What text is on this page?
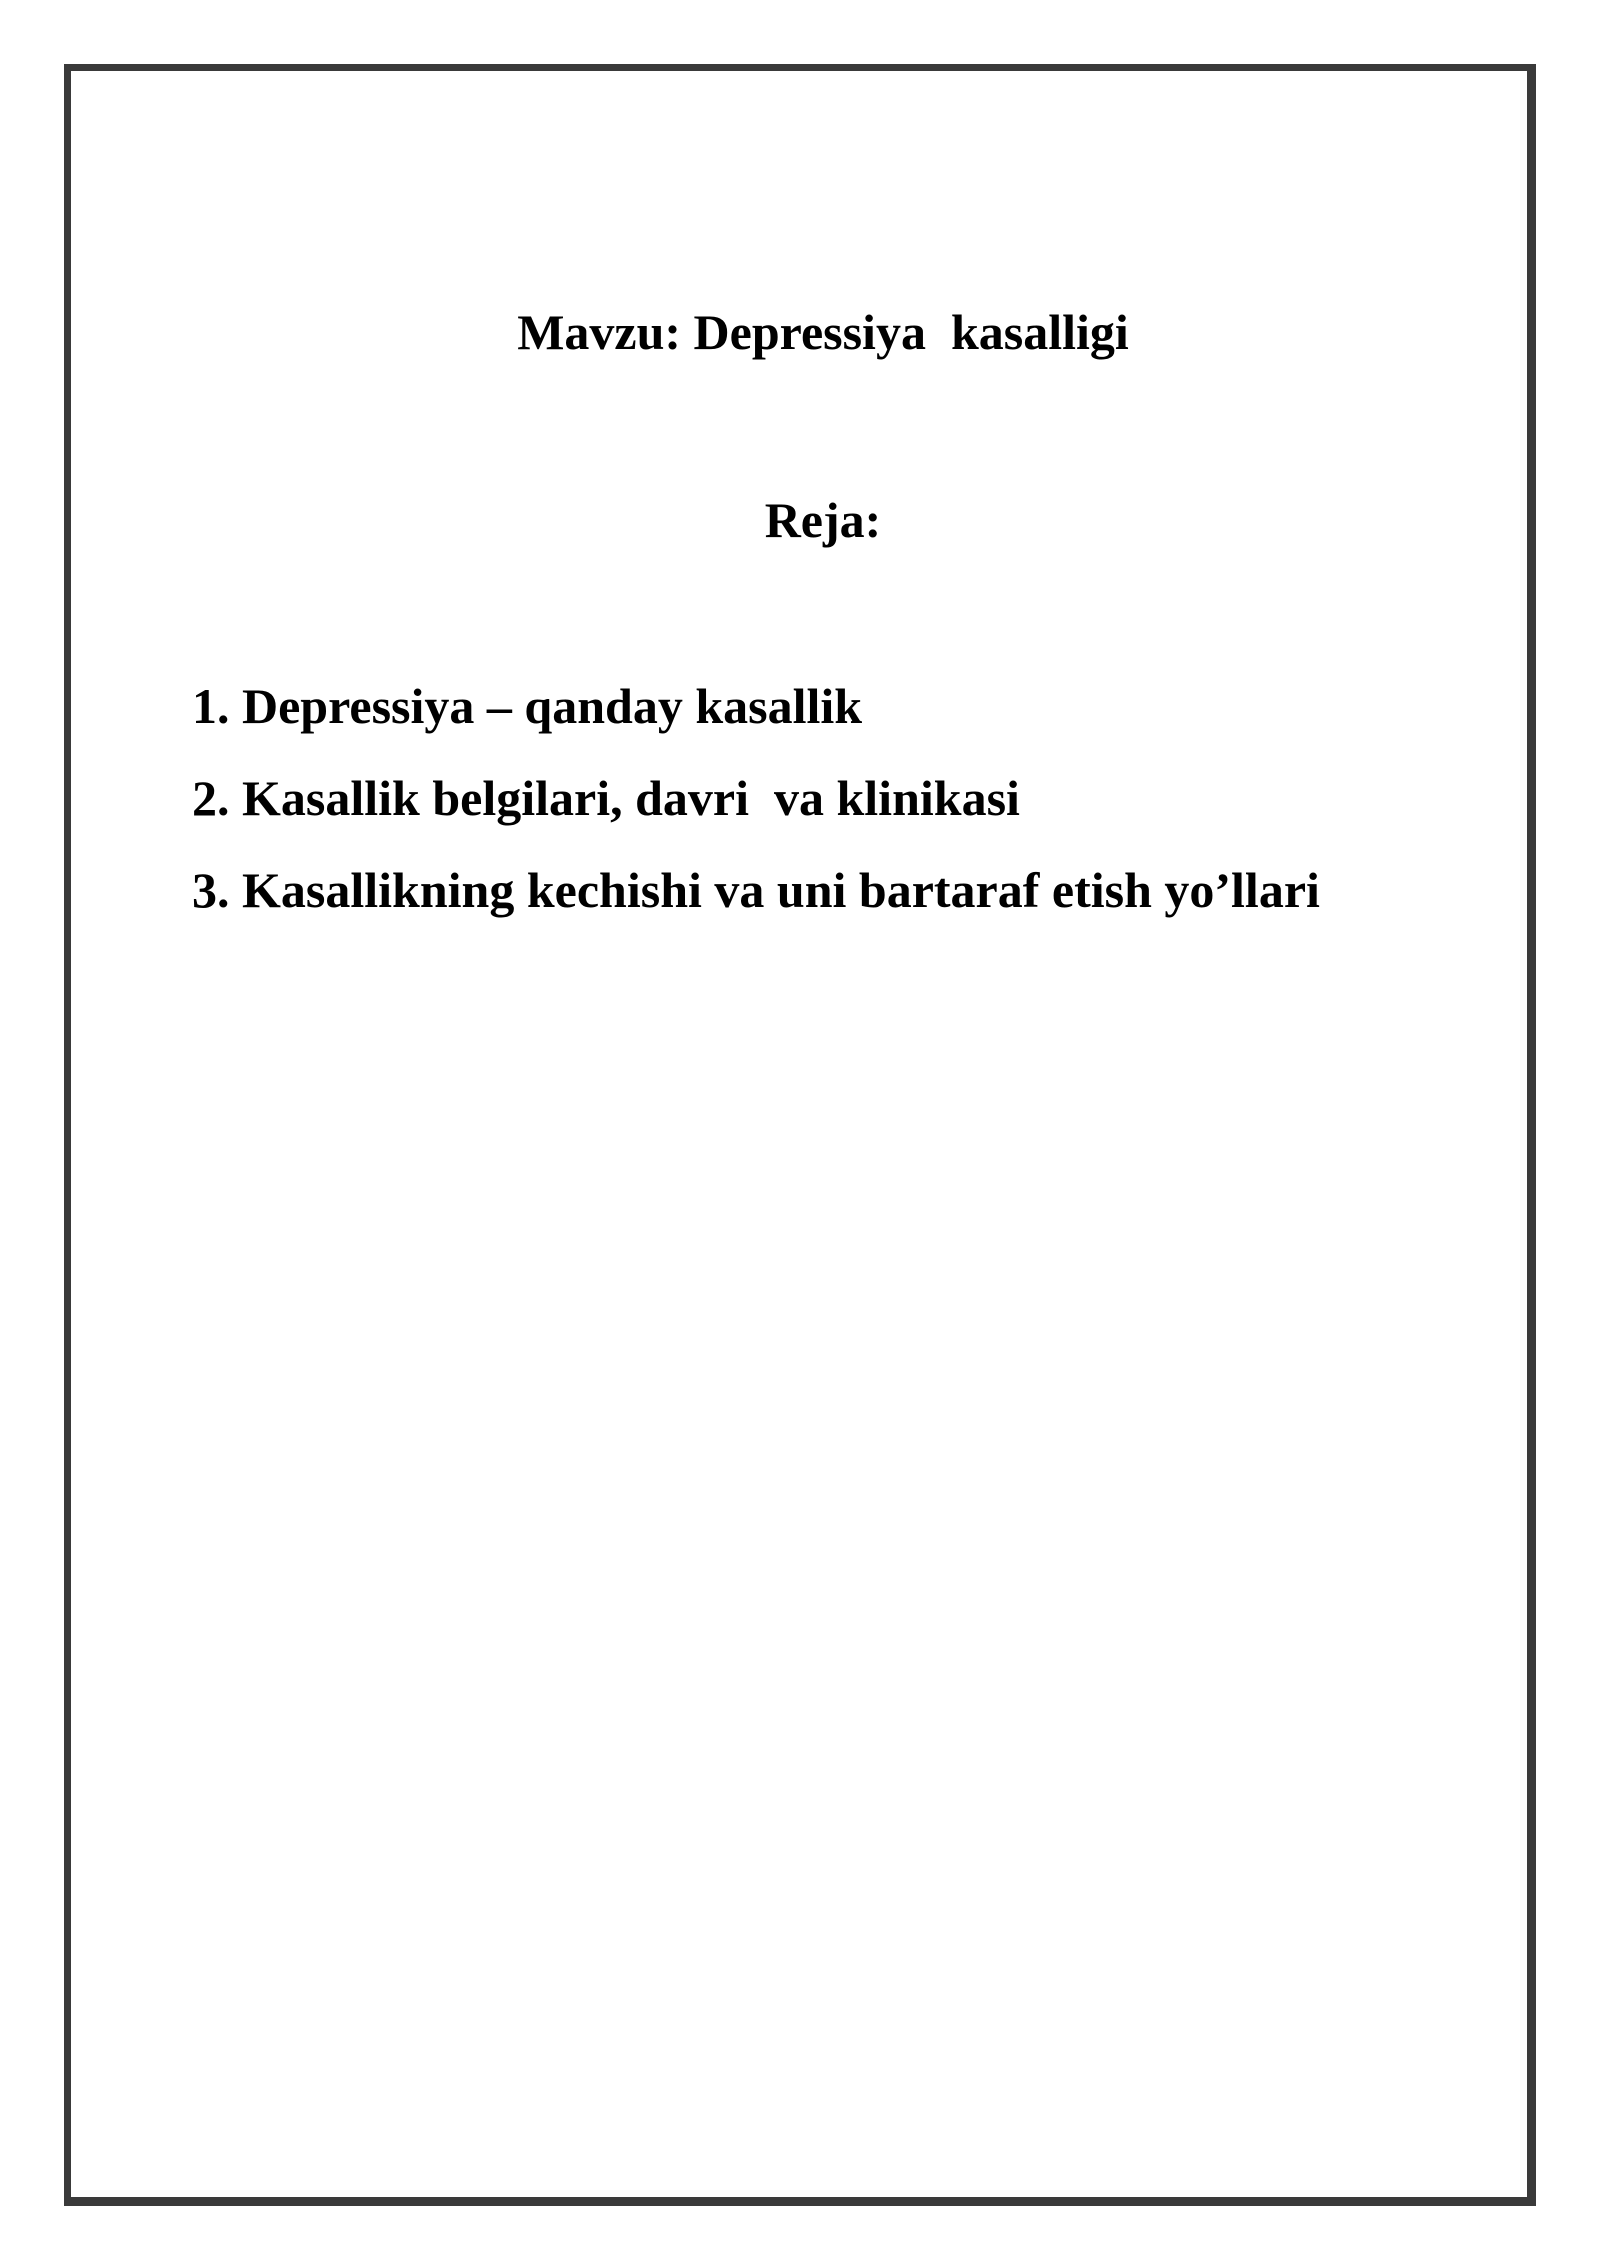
Mavzu: Depressiya  kasalligi
Reja:
1. Depressiya – qanday kasallik
2. Kasallik belgilari, davri  va klinikasi
3. Kasallikning kechishi va uni bartaraf etish yo’llari
